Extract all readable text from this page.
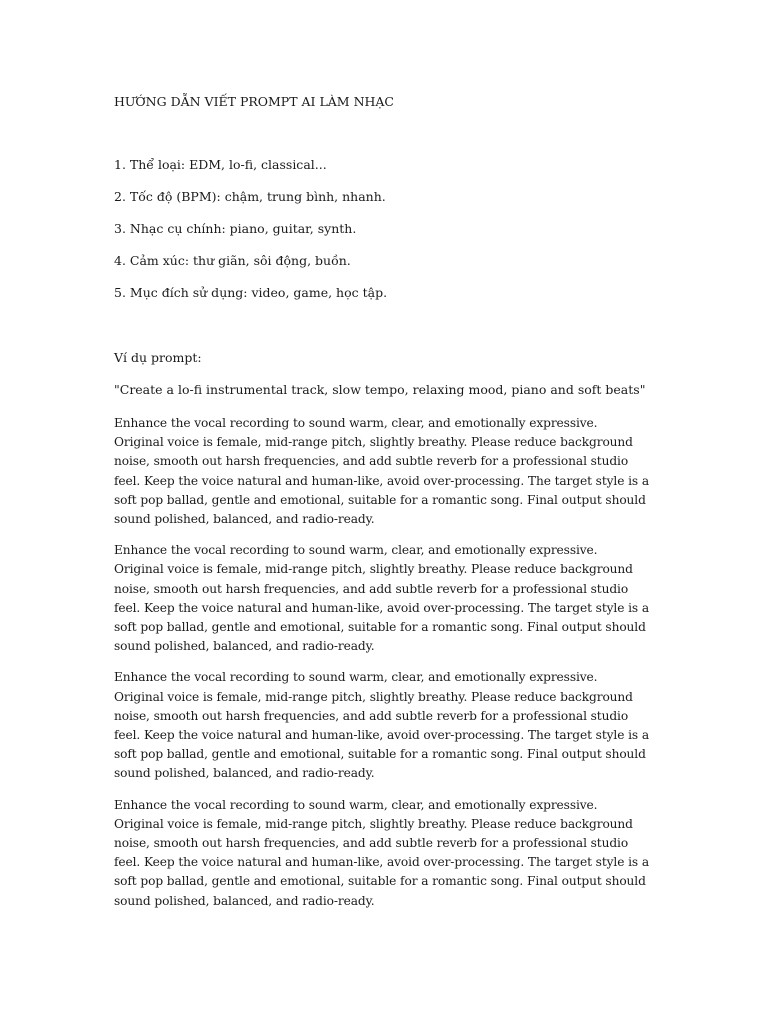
HƯỚNG DẪN VIẾT PROMPT AI LÀM NHẠC
1. Thể loại: EDM, lo-fi, classical...
2. Tốc độ (BPM): chậm, trung bình, nhanh.
3. Nhạc cụ chính: piano, guitar, synth.
4. Cảm xúc: thư giãn, sôi động, buồn.
5. Mục đích sử dụng: video, game, học tập.
Ví dụ prompt:
"Create a lo-fi instrumental track, slow tempo, relaxing mood, piano and soft beats"

Enhance the vocal recording to sound warm, clear, and emotionally expressive. Original voice is female, mid-range pitch, slightly breathy. Please reduce background noise, smooth out harsh frequencies, and add subtle reverb for a professional studio feel. Keep the voice natural and human-like, avoid over-processing. The target style is a soft pop ballad, gentle and emotional, suitable for a romantic song. Final output should sound polished, balanced, and radio-ready.

Enhance the vocal recording to sound warm, clear, and emotionally expressive. Original voice is female, mid-range pitch, slightly breathy. Please reduce background noise, smooth out harsh frequencies, and add subtle reverb for a professional studio feel. Keep the voice natural and human-like, avoid over-processing. The target style is a soft pop ballad, gentle and emotional, suitable for a romantic song. Final output should sound polished, balanced, and radio-ready.

Enhance the vocal recording to sound warm, clear, and emotionally expressive. Original voice is female, mid-range pitch, slightly breathy. Please reduce background noise, smooth out harsh frequencies, and add subtle reverb for a professional studio feel. Keep the voice natural and human-like, avoid over-processing. The target style is a soft pop ballad, gentle and emotional, suitable for a romantic song. Final output should sound polished, balanced, and radio-ready.

Enhance the vocal recording to sound warm, clear, and emotionally expressive. Original voice is female, mid-range pitch, slightly breathy. Please reduce background noise, smooth out harsh frequencies, and add subtle reverb for a professional studio feel. Keep the voice natural and human-like, avoid over-processing. The target style is a soft pop ballad, gentle and emotional, suitable for a romantic song. Final output should sound polished, balanced, and radio-ready.
